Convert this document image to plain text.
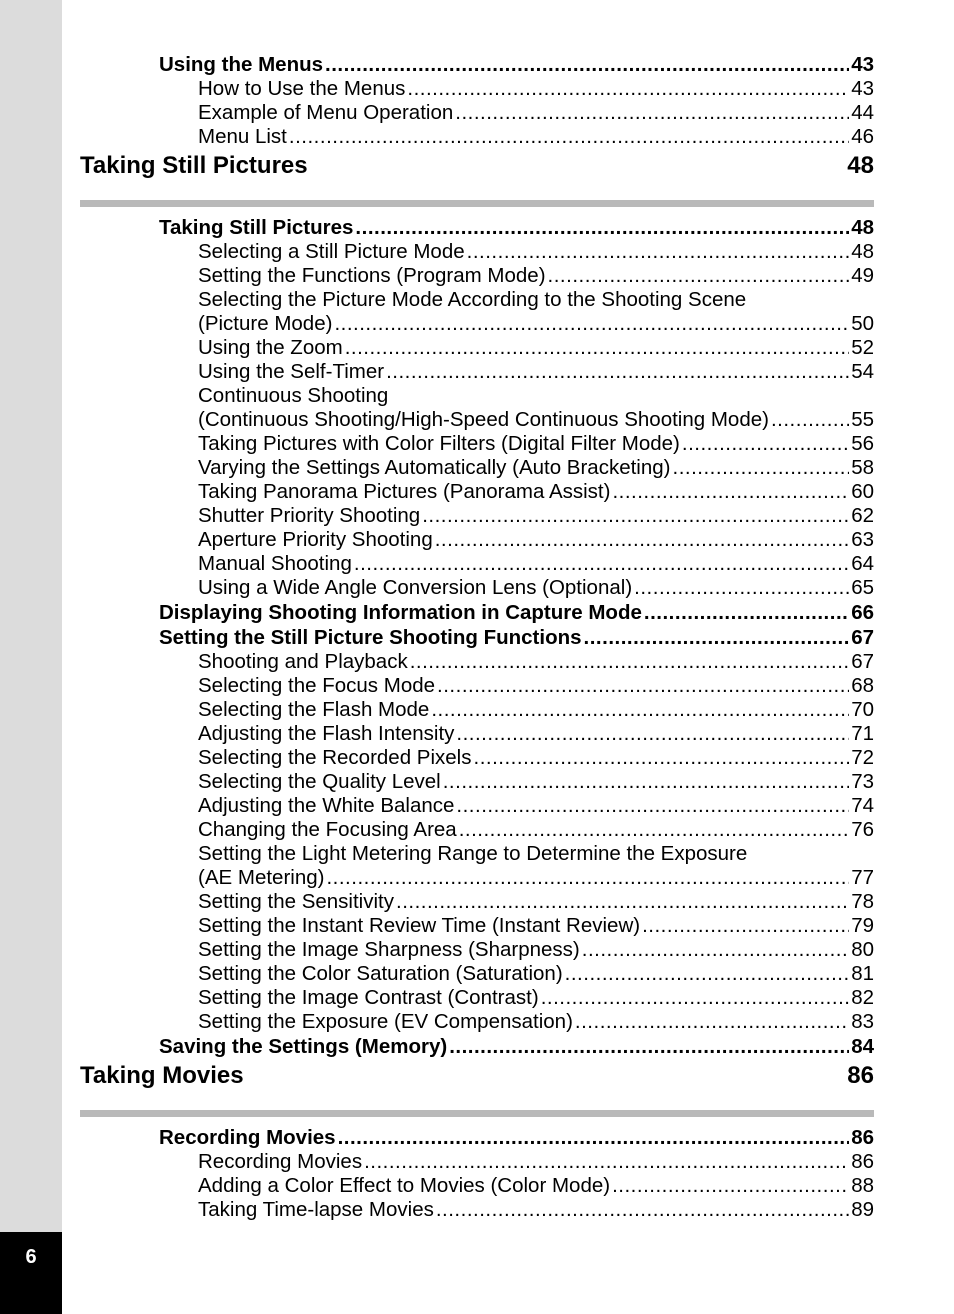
6
Using the Menus .....	43
How to Use the Menus .....	43
Example of Menu Operation .....	44
Menu List .....	46
Taking Still Pictures	48
Taking Still Pictures .....	48
Selecting a Still Picture Mode .....	48
Setting the Functions (Program Mode) .....	49
Selecting the Picture Mode According to the Shooting Scene
(Picture Mode) .....	50
Using the Zoom .....	52
Using the Self-Timer .....	54
Continuous Shooting
(Continuous Shooting/High-Speed Continuous Shooting Mode) .....	55
Taking Pictures with Color Filters (Digital Filter Mode) .....	56
Varying the Settings Automatically (Auto Bracketing) .....	58
Taking Panorama Pictures (Panorama Assist) .....	60
Shutter Priority Shooting .....	62
Aperture Priority Shooting .....	63
Manual Shooting .....	64
Using a Wide Angle Conversion Lens (Optional) .....	65
Displaying Shooting Information in Capture Mode .....	66
Setting the Still Picture Shooting Functions .....	67
Shooting and Playback .....	67
Selecting the Focus Mode .....	68
Selecting the Flash Mode .....	70
Adjusting the Flash Intensity .....	71
Selecting the Recorded Pixels .....	72
Selecting the Quality Level .....	73
Adjusting the White Balance .....	74
Changing the Focusing Area .....	76
Setting the Light Metering Range to Determine the Exposure
(AE Metering) .....	77
Setting the Sensitivity .....	78
Setting the Instant Review Time (Instant Review) .....	79
Setting the Image Sharpness (Sharpness) .....	80
Setting the Color Saturation (Saturation) .....	81
Setting the Image Contrast (Contrast) .....	82
Setting the Exposure (EV Compensation) .....	83
Saving the Settings (Memory) .....	84
Taking Movies	86
Recording Movies .....	86
Recording Movies .....	86
Adding a Color Effect to Movies (Color Mode) .....	88
Taking Time-lapse Movies .....	89
